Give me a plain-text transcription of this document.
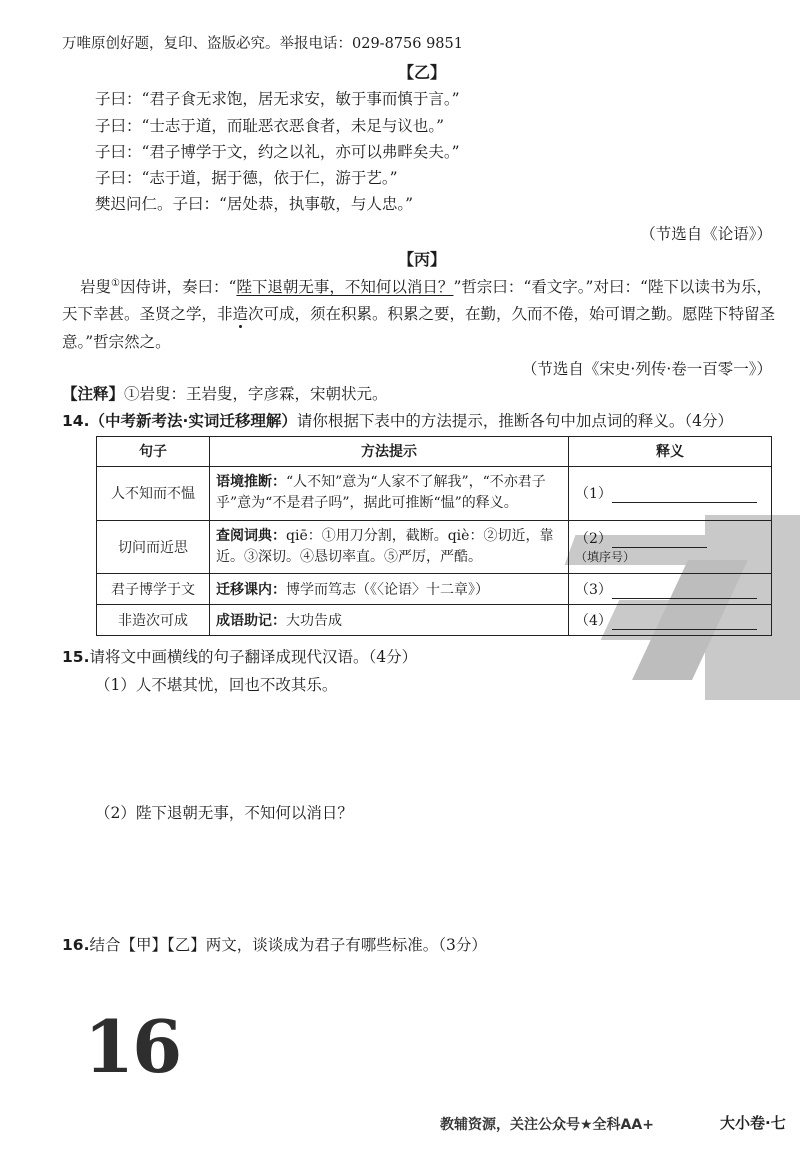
万唯原创好题，复印、盗版必究。举报电话：029-8756 9851
【乙】
子曰：“君子食无求饱，居无求安，敏于事而慎于言。”
子曰：“士志于道，而耻恶衣恶食者，未足与议也。”
子曰：“君子博学于文，约之以礼，亦可以弗畔矣夫。”
子曰：“志于道，据于德，依于仁，游于艺。”
樊迟问仁。子曰：“居处恭，执事敬，与人忠。”
（节选自《论语》）
【丙】
岩叟①因侍讲，奏曰：“陛下退朝无事，不知何以消日？”哲宗曰：“看文字。”对曰：“陛下以读书为乐，
天下幸甚。圣贤之学，非造次可成，须在积累。积累之要，在勤，久而不倦，始可谓之勤。愿陛下特留圣
意。”哲宗然之。
（节选自《宋史·列传·卷一百零一》）
【注释】①岩叟：王岩叟，字彦霖，宋朝状元。
14.（中考新考法·实词迁移理解）请你根据下表中的方法提示，推断各句中加点词的释义。（4分）
句子	方法提示	释义
人不知而不愠	语境推断：“人不知”意为“人家不了解我”，“不亦君子乎”意为“不是君子吗”，据此可推断“愠”的释义。	（1）
切问而近思	查阅词典：qiē：①用刀分割，截断。qiè：②切近，靠近。③深切。④恳切率直。⑤严厉，严酷。	（2）（填序号）
君子博学于文	迁移课内：博学而笃志（《〈论语〉十二章》）	（3）
非造次可成	成语助记：大功告成	（4）
15.请将文中画横线的句子翻译成现代汉语。（4分）
（1）人不堪其忧，回也不改其乐。
（2）陛下退朝无事，不知何以消日？
16.结合【甲】【乙】两文，谈谈成为君子有哪些标准。（3分）
16
教辅资源，关注公众号★全科AA+	大小卷·七
